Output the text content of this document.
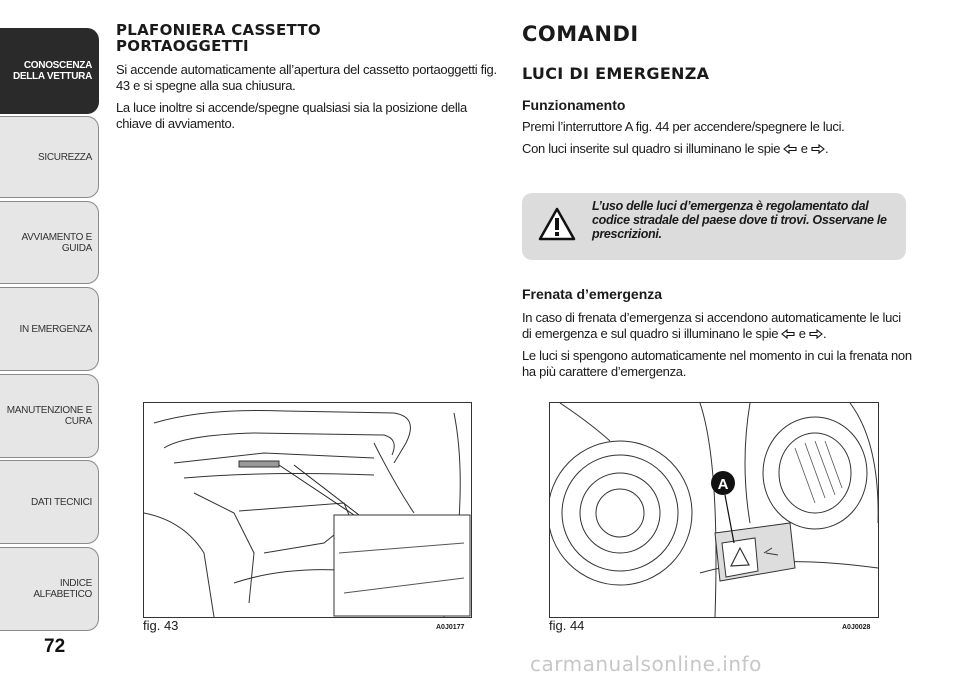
CONOSCENZA
DELLA VETTURA
SICUREZZA
AVVIAMENTO E
GUIDA
IN EMERGENZA
MANUTENZIONE E
CURA
DATI TECNICI
INDICE ALFABETICO
72
PLAFONIERA CASSETTO
PORTAOGGETTI

Si accende automaticamente all’apertura del cassetto portaoggetti fig. 43 e si spegne alla sua chiusura.

La luce inoltre si accende/spegne qualsiasi sia la posizione della chiave di avviamento.

fig. 43	A0J0177
COMANDI
LUCI DI EMERGENZA
Funzionamento

Premi l’interruttore A fig. 44 per accendere/spegnere le luci.

Con luci inserite sul quadro si illuminano le spie e .

L’uso delle luci d’emergenza è regolamentato dal codice stradale del paese dove ti trovi. Osservane le prescrizioni.
Frenata d’emergenza

In caso di frenata d’emergenza si accendono automaticamente le luci di emergenza e sul quadro si illuminano le spie e .

Le luci si spengono automaticamente nel momento in cui la frenata non ha più carattere d’emergenza.

A
fig. 44	A0J0028
carmanualsonline.info
